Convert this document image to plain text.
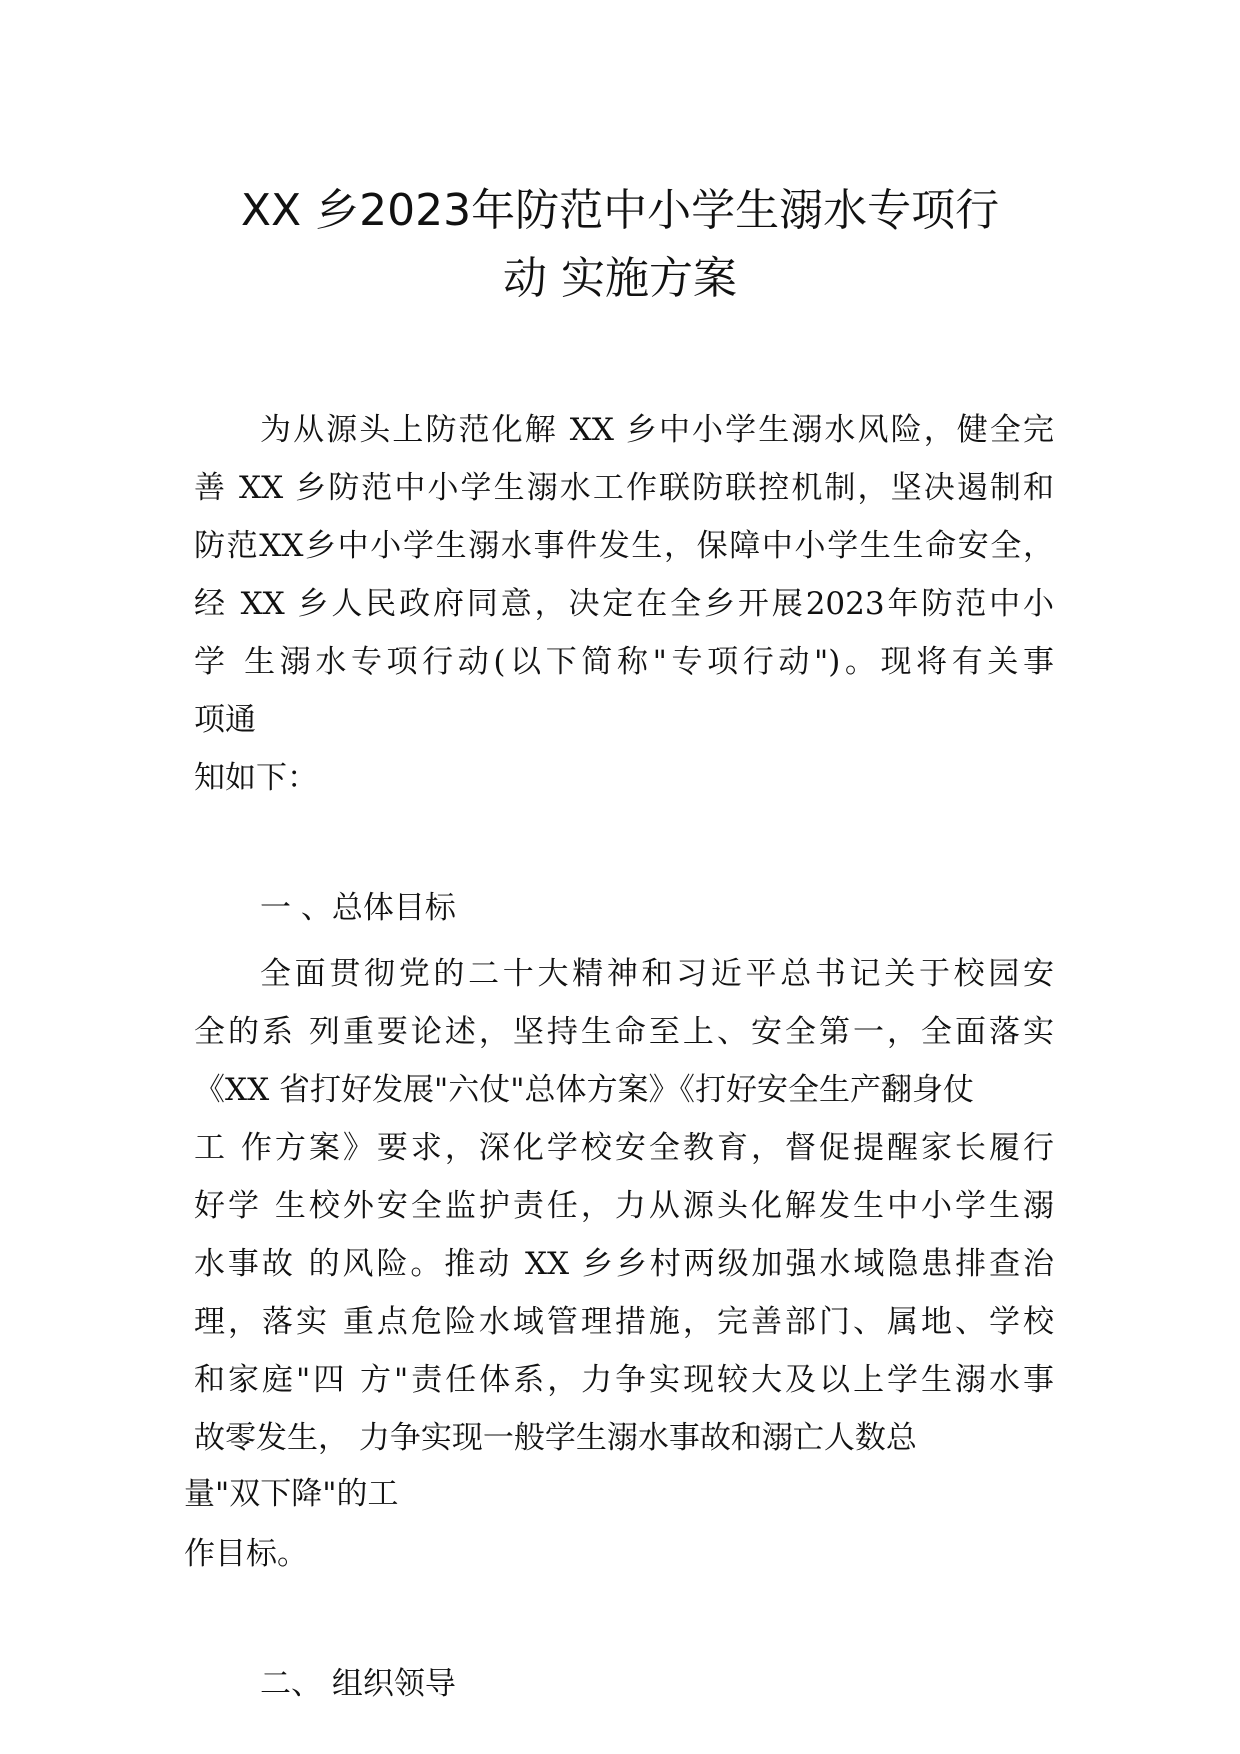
XX 乡2023年防范中小学生溺水专项行
动 实施方案
为从源头上防范化解 XX 乡中小学生溺水风险，健全完
善 XX 乡防范中小学生溺水工作联防联控机制，坚决遏制和
防范XX乡中小学生溺水事件发生，保障中小学生生命安全，
经 XX 乡人民政府同意，决定在全乡开展2023年防范中小
学 生溺水专项行动(以下简称"专项行动")。现将有关事
项通
知如下：
一 、总体目标
全面贯彻党的二十大精神和习近平总书记关于校园安
全的系 列重要论述，坚持生命至上、安全第一，全面落实
《XX 省打好发展"六仗"总体方案》《打好安全生产翻身仗
工 作方案》要求，深化学校安全教育，督促提醒家长履行
好学 生校外安全监护责任，力从源头化解发生中小学生溺
水事故 的风险。推动 XX 乡乡村两级加强水域隐患排查治
理，落实 重点危险水域管理措施，完善部门、属地、学校
和家庭"四 方"责任体系，力争实现较大及以上学生溺水事
故零发生， 力争实现一般学生溺水事故和溺亡人数总
量"双下降"的工
作目标。
二、 组织领导
